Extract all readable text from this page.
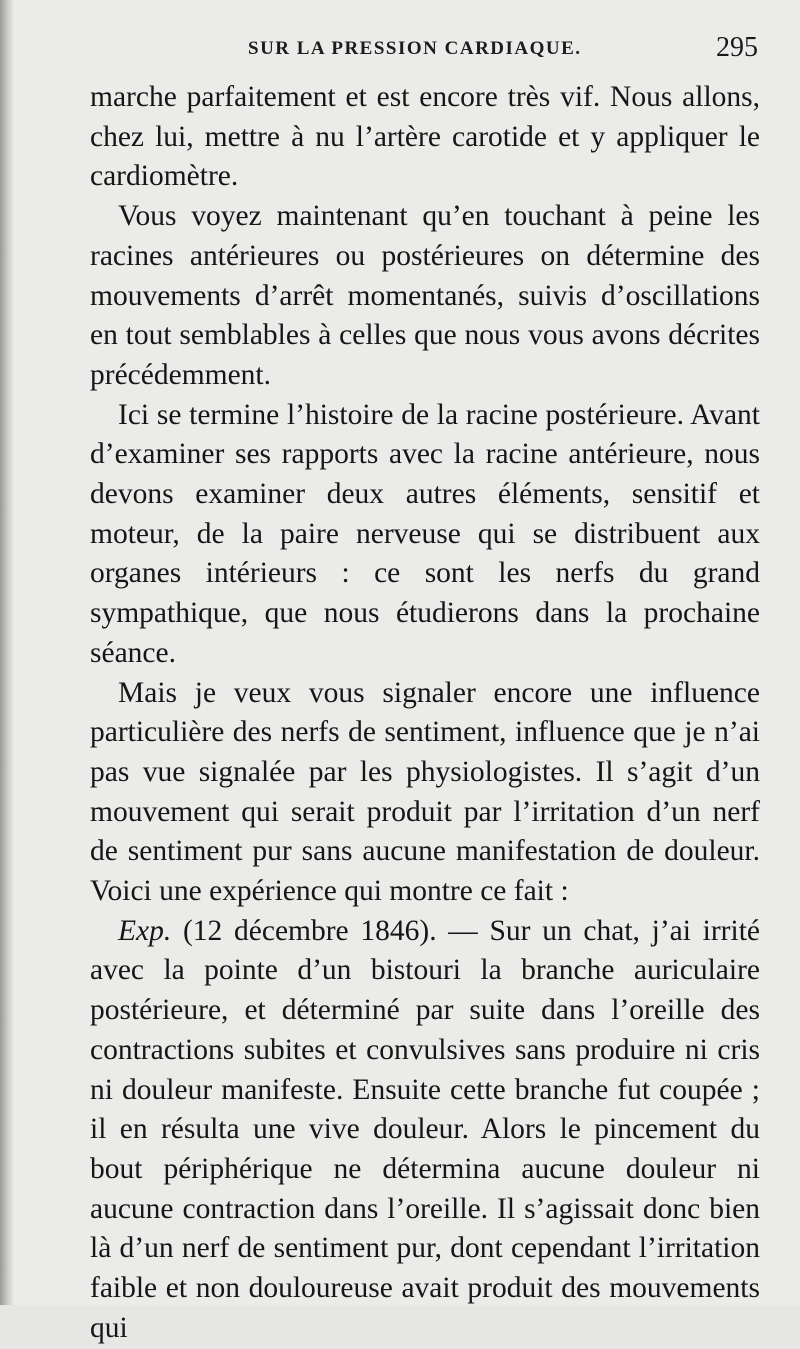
SUR LA PRESSION CARDIAQUE.	295

marche parfaitement et est encore très vif. Nous allons, chez lui, mettre à nu l’artère carotide et y appliquer le cardiomètre.

Vous voyez maintenant qu’en touchant à peine les racines antérieures ou postérieures on détermine des mouvements d’arrêt momentanés, suivis d’oscillations en tout semblables à celles que nous vous avons décrites précédemment.

Ici se termine l’histoire de la racine postérieure. Avant d’examiner ses rapports avec la racine antérieure, nous devons examiner deux autres éléments, sensitif et moteur, de la paire nerveuse qui se distribuent aux organes intérieurs : ce sont les nerfs du grand sympathique, que nous étudierons dans la prochaine séance.

Mais je veux vous signaler encore une influence particulière des nerfs de sentiment, influence que je n’ai pas vue signalée par les physiologistes. Il s’agit d’un mouvement qui serait produit par l’irritation d’un nerf de sentiment pur sans aucune manifestation de douleur. Voici une expérience qui montre ce fait :

Exp. (12 décembre 1846). — Sur un chat, j’ai irrité avec la pointe d’un bistouri la branche auriculaire postérieure, et déterminé par suite dans l’oreille des contractions subites et convulsives sans produire ni cris ni douleur manifeste. Ensuite cette branche fut coupée ; il en résulta une vive douleur. Alors le pincement du bout périphérique ne détermina aucune douleur ni aucune contraction dans l’oreille. Il s’agissait donc bien là d’un nerf de sentiment pur, dont cependant l’irritation faible et non douloureuse avait produit des mouvements qui
